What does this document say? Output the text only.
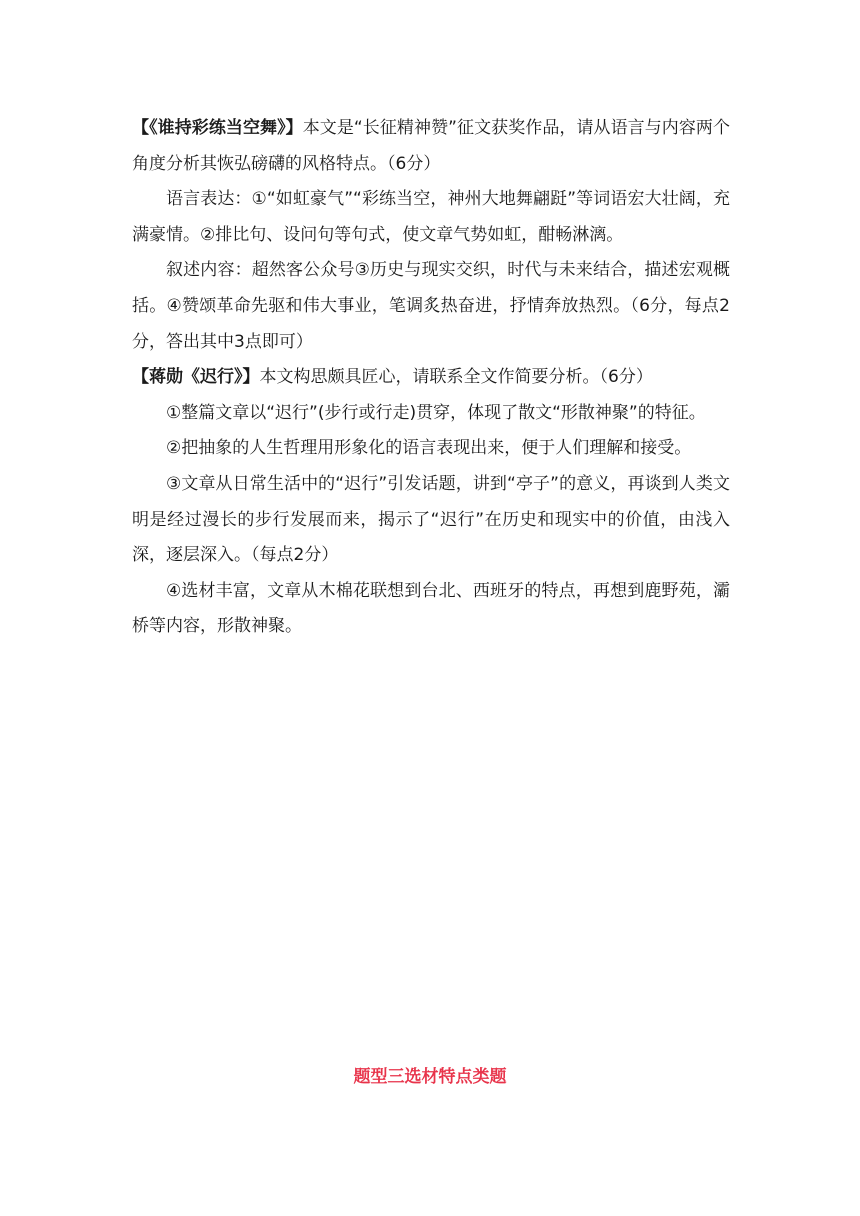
【《谁持彩练当空舞》】本文是“长征精神赞”征文获奖作品，请从语言与内容两个角度分析其恢弘磅礴的风格特点。（6分）

语言表达：①“如虹豪气”“彩练当空，神州大地舞翩跹”等词语宏大壮阔，充满豪情。②排比句、设问句等句式，使文章气势如虹，酣畅淋漓。

叙述内容：超然客公众号③历史与现实交织，时代与未来结合，描述宏观概括。④赞颂革命先驱和伟大事业，笔调炙热奋进，抒情奔放热烈。（6分，每点2分，答出其中3点即可）

【蒋勋《迟行》】本文构思颇具匠心，请联系全文作简要分析。（6分）

①整篇文章以“迟行”(步行或行走)贯穿，体现了散文“形散神聚”的特征。

②把抽象的人生哲理用形象化的语言表现出来，便于人们理解和接受。

③文章从日常生活中的“迟行”引发话题，讲到“亭子”的意义，再谈到人类文明是经过漫长的步行发展而来，揭示了“迟行”在历史和现实中的价值，由浅入深，逐层深入。（每点2分）

④选材丰富，文章从木棉花联想到台北、西班牙的特点，再想到鹿野苑，灞桥等内容，形散神聚。

题型三选材特点类题
